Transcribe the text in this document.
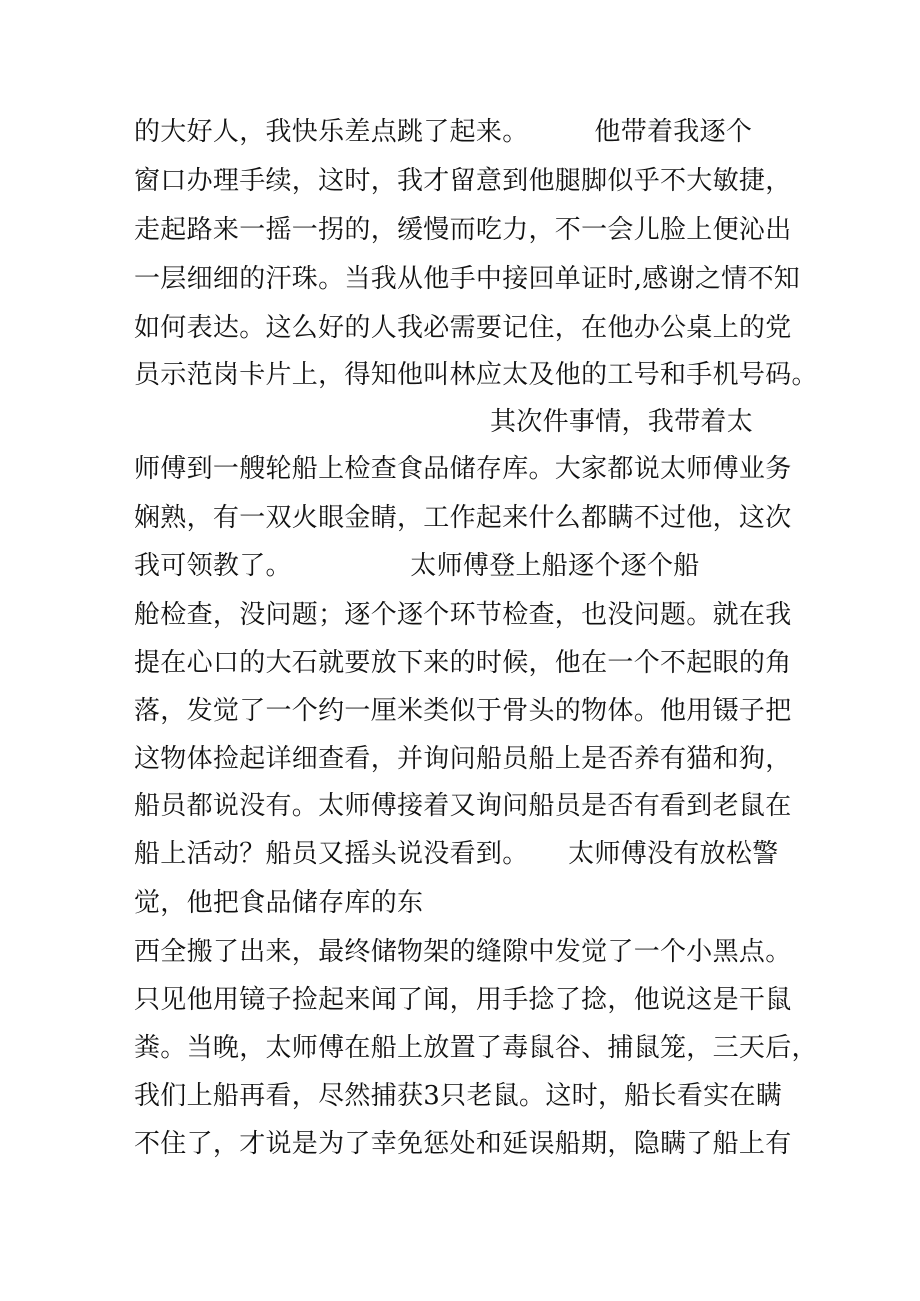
的大好人，我快乐差点跳了起来。　　　他带着我逐个
窗口办理手续，这时，我才留意到他腿脚似乎不大敏捷，
走起路来一摇一拐的，缓慢而吃力，不一会儿脸上便沁出
一层细细的汗珠。当我从他手中接回单证时,感谢之情不知
如何表达。这么好的人我必需要记住，在他办公桌上的党
员示范岗卡片上，得知他叫林应太及他的工号和手机号码。
其次件事情，我带着太
师傅到一艘轮船上检查食品储存库。大家都说太师傅业务
娴熟，有一双火眼金睛，工作起来什么都瞒不过他，这次
我可领教了。　　　　　太师傅登上船逐个逐个船
舱检查，没问题；逐个逐个环节检查，也没问题。就在我
提在心口的大石就要放下来的时候，他在一个不起眼的角
落，发觉了一个约一厘米类似于骨头的物体。他用镊子把
这物体捡起详细查看，并询问船员船上是否养有猫和狗，
船员都说没有。太师傅接着又询问船员是否有看到老鼠在
船上活动？船员又摇头说没看到。　　太师傅没有放松警
觉，他把食品储存库的东
西全搬了出来，最终储物架的缝隙中发觉了一个小黑点。
只见他用镜子捡起来闻了闻，用手捻了捻，他说这是干鼠
粪。当晚，太师傅在船上放置了毒鼠谷、捕鼠笼，三天后，
我们上船再看，尽然捕获3只老鼠。这时，船长看实在瞒
不住了，才说是为了幸免惩处和延误船期，隐瞒了船上有
